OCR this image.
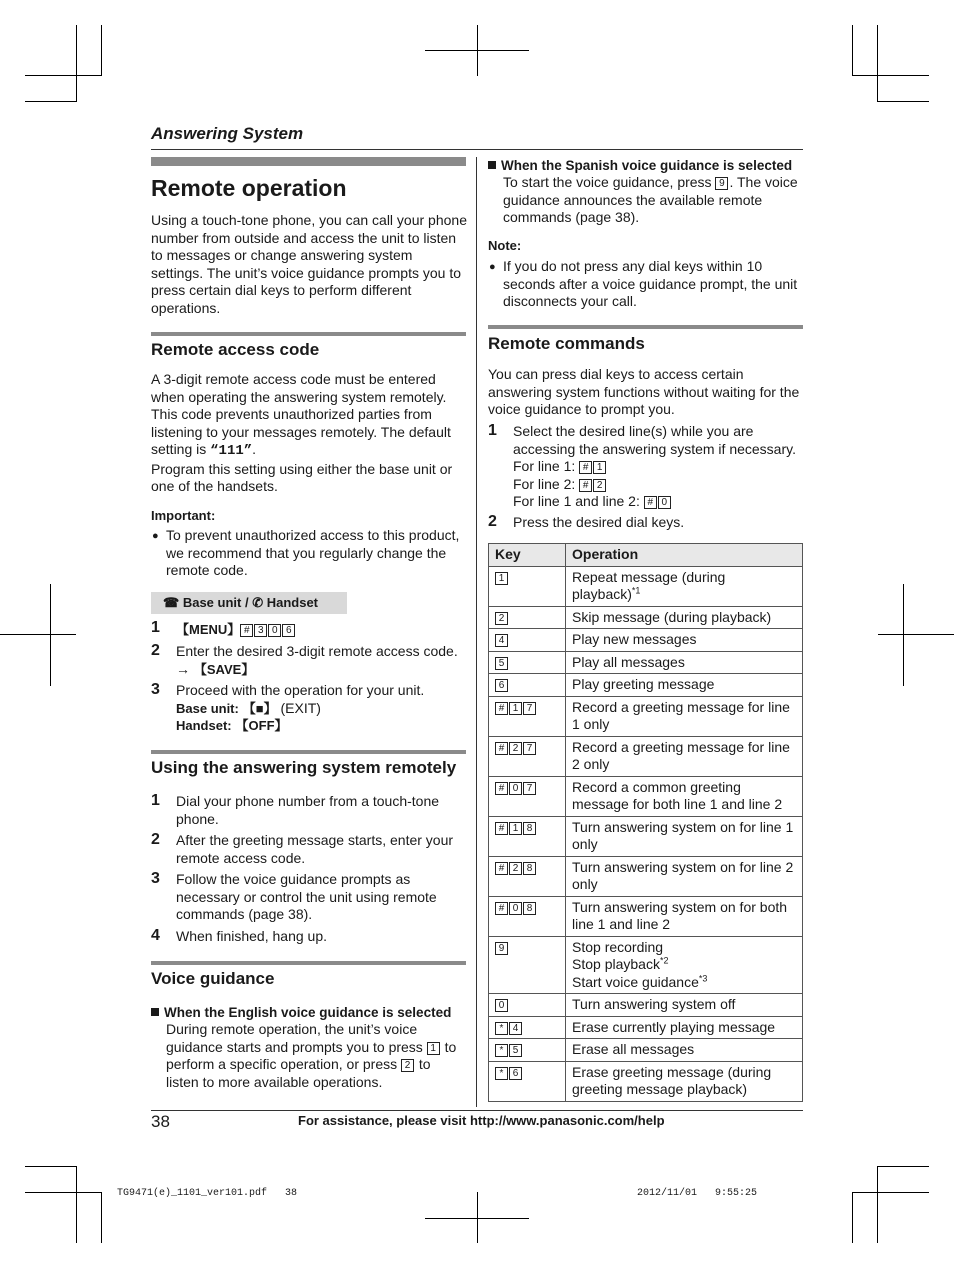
Answering System
Remote operation
Using a touch-tone phone, you can call your phone number from outside and access the unit to listen to messages or change answering system settings. The unit’s voice guidance prompts you to press certain dial keys to perform different operations.
Remote access code
A 3-digit remote access code must be entered when operating the answering system remotely. This code prevents unauthorized parties from listening to your messages remotely. The default setting is “111”.
Program this setting using either the base unit or one of the handsets.
Important:
● To prevent unauthorized access to this product, we recommend that you regularly change the remote code.
☎ Base unit / ✆ Handset
1 【MENU】 # 3 0 6
2 Enter the desired 3-digit remote access code.
→ 【SAVE】
3 Proceed with the operation for your unit.
Base unit: 【■】 (EXIT)
Handset: 【OFF】
Using the answering system remotely
1 Dial your phone number from a touch-tone phone.
2 After the greeting message starts, enter your remote access code.
3 Follow the voice guidance prompts as necessary or control the unit using remote commands (page 38).
4 When finished, hang up.
Voice guidance
When the English voice guidance is selected
During remote operation, the unit’s voice guidance starts and prompts you to press 1 to perform a specific operation, or press 2 to listen to more available operations.
When the Spanish voice guidance is selected
To start the voice guidance, press 9 . The voice guidance announces the available remote commands (page 38).
Note:
● If you do not press any dial keys within 10 seconds after a voice guidance prompt, the unit disconnects your call.
Remote commands
You can press dial keys to access certain answering system functions without waiting for the voice guidance to prompt you.
1 Select the desired line(s) while you are accessing the answering system if necessary.
For line 1: # 1
For line 2: # 2
For line 1 and line 2: # 0
2 Press the desired dial keys.
Key	Operation
1	Repeat message (during playback)$^{*1}$
2	Skip message (during playback)
4	Play new messages
5	Play all messages
6	Play greeting message
# 1 7	Record a greeting message for line 1 only
# 2 7	Record a greeting message for line 2 only
# 0 7	Record a common greeting message for both line 1 and line 2
# 1 8	Turn answering system on for line 1 only
# 2 8	Turn answering system on for line 2 only
# 0 8	Turn answering system on for both line 1 and line 2
9	Stop recording
Stop playback$^{*2}$
Start voice guidance$^{*3}$

0	Turn answering system off
* 4	Erase currently playing message
* 5	Erase all messages
* 6	Erase greeting message (during greeting message playback)
38	For assistance, please visit http://www.panasonic.com/help
TG9471(e)_1101_ver101.pdf   38	2012/11/01   9:55:25
